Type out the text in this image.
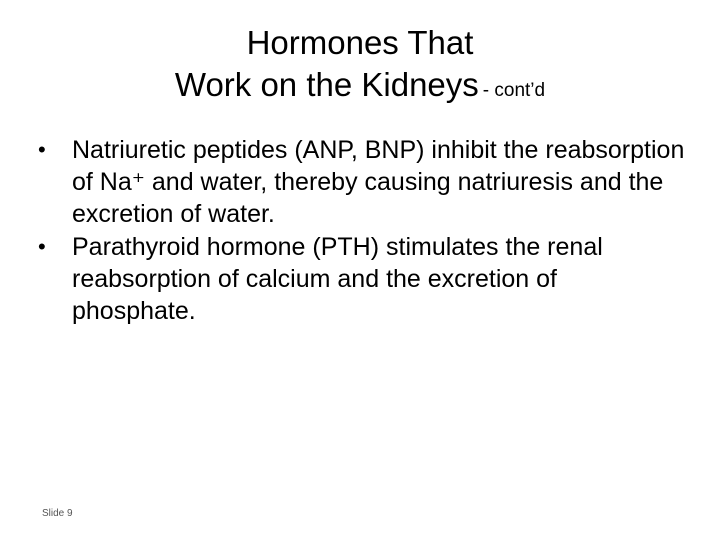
Hormones That
Work on the Kidneys - cont’d
•	Natriuretic peptides (ANP, BNP) inhibit the reabsorption of Na⁺ and water, thereby causing natriuresis and the excretion of water.
•	Parathyroid hormone (PTH) stimulates the renal reabsorption of calcium and the excretion of phosphate.
Slide 9
